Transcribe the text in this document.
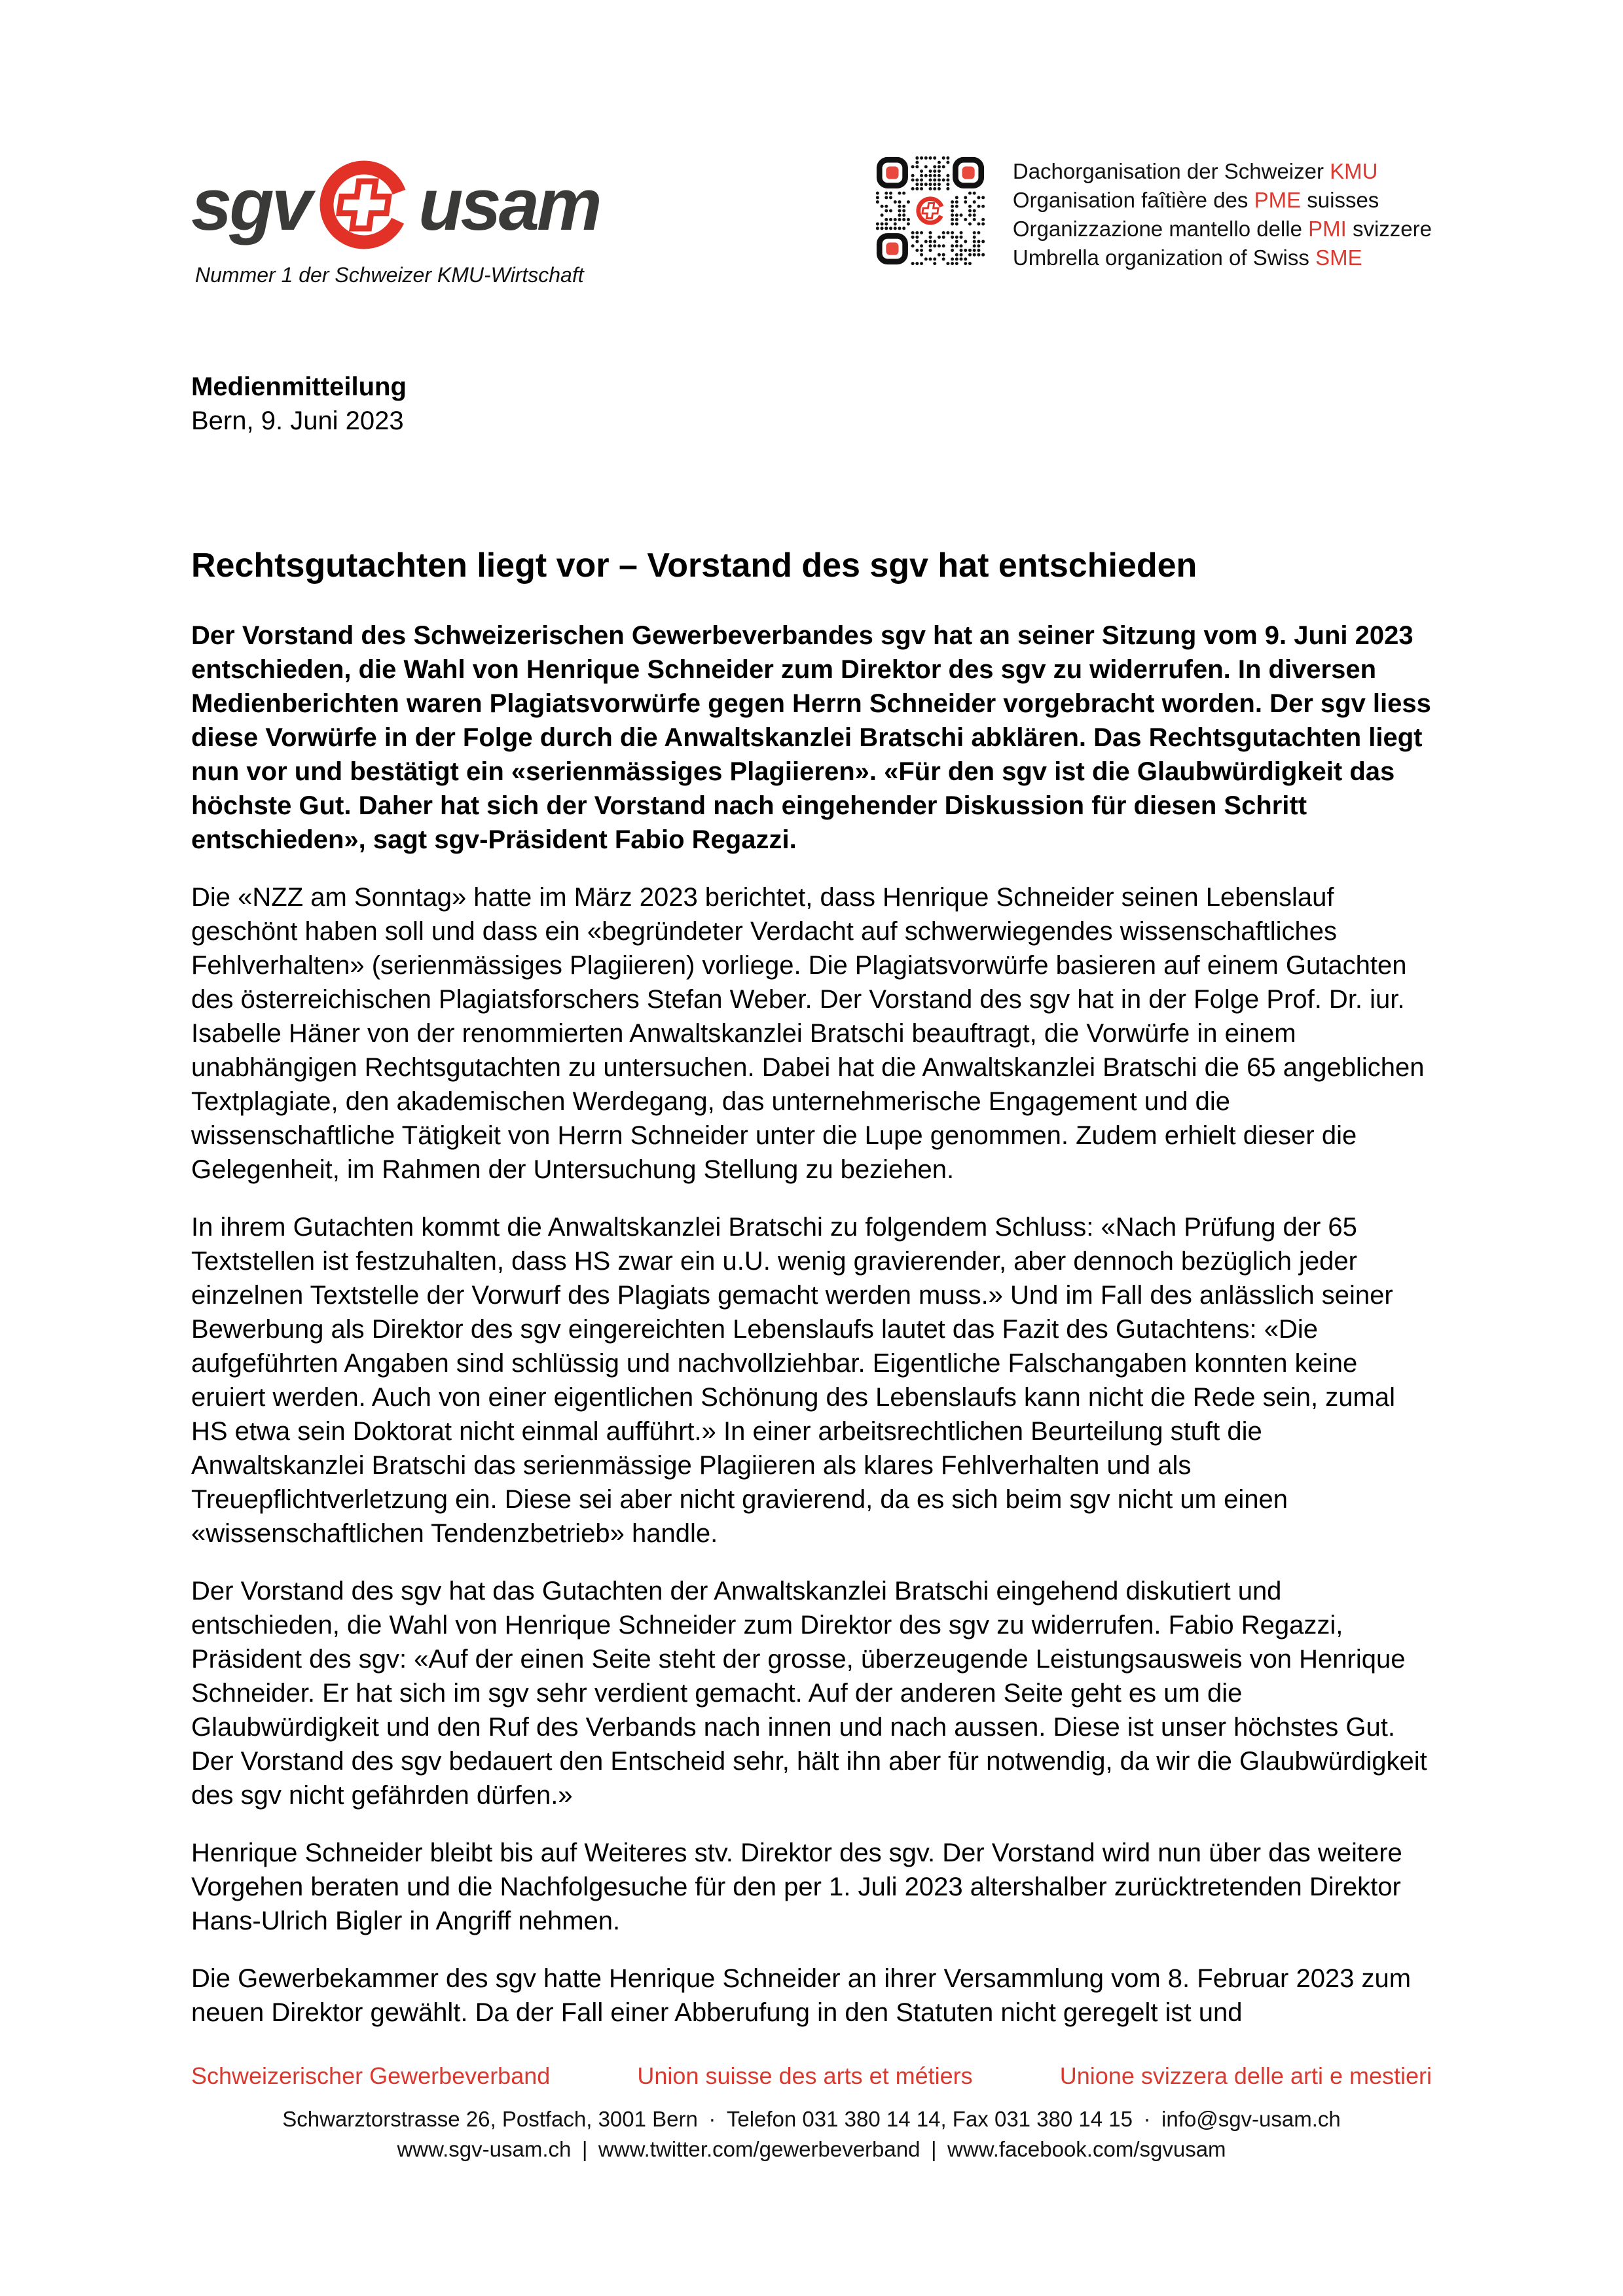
sgv usam
Nummer 1 der Schweizer KMU-Wirtschaft
Dachorganisation der Schweizer KMU
Organisation faîtière des PME suisses
Organizzazione mantello delle PMI svizzere
Umbrella organization of Swiss SME
Medienmitteilung
Bern, 9. Juni 2023
Rechtsgutachten liegt vor – Vorstand des sgv hat entschieden

Der Vorstand des Schweizerischen Gewerbeverbandes sgv hat an seiner Sitzung vom 9. Juni 2023 entschieden, die Wahl von Henrique Schneider zum Direktor des sgv zu widerrufen. In diversen Medienberichten waren Plagiatsvorwürfe gegen Herrn Schneider vorgebracht worden. Der sgv liess diese Vorwürfe in der Folge durch die Anwaltskanzlei Bratschi abklären. Das Rechtsgutachten liegt nun vor und bestätigt ein «serienmässiges Plagiieren». «Für den sgv ist die Glaubwürdigkeit das höchste Gut. Daher hat sich der Vorstand nach eingehender Diskussion für diesen Schritt entschieden», sagt sgv-Präsident Fabio Regazzi.

Die «NZZ am Sonntag» hatte im März 2023 berichtet, dass Henrique Schneider seinen Lebenslauf geschönt haben soll und dass ein «begründeter Verdacht auf schwerwiegendes wissenschaftliches Fehlverhalten» (serienmässiges Plagiieren) vorliege. Die Plagiatsvorwürfe basieren auf einem Gutachten des österreichischen Plagiatsforschers Stefan Weber. Der Vorstand des sgv hat in der Folge Prof. Dr. iur. Isabelle Häner von der renommierten Anwaltskanzlei Bratschi beauftragt, die Vorwürfe in einem unabhängigen Rechtsgutachten zu untersuchen. Dabei hat die Anwaltskanzlei Bratschi die 65 angeblichen Textplagiate, den akademischen Werdegang, das unternehmerische Engagement und die wissenschaftliche Tätigkeit von Herrn Schneider unter die Lupe genommen. Zudem erhielt dieser die Gelegenheit, im Rahmen der Untersuchung Stellung zu beziehen.

In ihrem Gutachten kommt die Anwaltskanzlei Bratschi zu folgendem Schluss: «Nach Prüfung der 65 Textstellen ist festzuhalten, dass HS zwar ein u.U. wenig gravierender, aber dennoch bezüglich jeder einzelnen Textstelle der Vorwurf des Plagiats gemacht werden muss.» Und im Fall des anlässlich seiner Bewerbung als Direktor des sgv eingereichten Lebenslaufs lautet das Fazit des Gutachtens: «Die aufgeführten Angaben sind schlüssig und nachvollziehbar. Eigentliche Falschangaben konnten keine eruiert werden. Auch von einer eigentlichen Schönung des Lebenslaufs kann nicht die Rede sein, zumal HS etwa sein Doktorat nicht einmal aufführt.» In einer arbeitsrechtlichen Beurteilung stuft die Anwaltskanzlei Bratschi das serienmässige Plagiieren als klares Fehlverhalten und als Treuepflichtverletzung ein. Diese sei aber nicht gravierend, da es sich beim sgv nicht um einen «wissenschaftlichen Tendenzbetrieb» handle.

Der Vorstand des sgv hat das Gutachten der Anwaltskanzlei Bratschi eingehend diskutiert und entschieden, die Wahl von Henrique Schneider zum Direktor des sgv zu widerrufen. Fabio Regazzi, Präsident des sgv: «Auf der einen Seite steht der grosse, überzeugende Leistungsausweis von Henrique Schneider. Er hat sich im sgv sehr verdient gemacht. Auf der anderen Seite geht es um die Glaubwürdigkeit und den Ruf des Verbands nach innen und nach aussen. Diese ist unser höchstes Gut. Der Vorstand des sgv bedauert den Entscheid sehr, hält ihn aber für notwendig, da wir die Glaubwürdigkeit des sgv nicht gefährden dürfen.»

Henrique Schneider bleibt bis auf Weiteres stv. Direktor des sgv. Der Vorstand wird nun über das weitere Vorgehen beraten und die Nachfolgesuche für den per 1. Juli 2023 altershalber zurücktretenden Direktor Hans-Ulrich Bigler in Angriff nehmen.

Die Gewerbekammer des sgv hatte Henrique Schneider an ihrer Versammlung vom 8. Februar 2023 zum neuen Direktor gewählt. Da der Fall einer Abberufung in den Statuten nicht geregelt ist und

Schweizerischer Gewerbeverband	Union suisse des arts et métiers	Unione svizzera delle arti e mestieri
Schwarztorstrasse 26, Postfach, 3001 Bern · Telefon 031 380 14 14, Fax 031 380 14 15 · info@sgv-usam.ch
www.sgv-usam.ch | www.twitter.com/gewerbeverband | www.facebook.com/sgvusam
